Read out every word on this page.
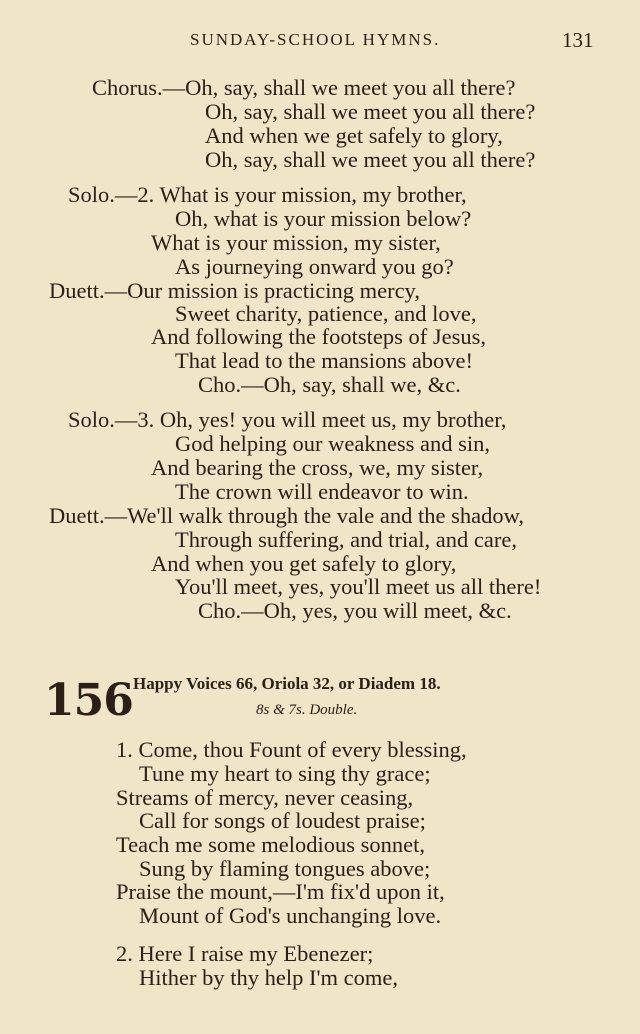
SUNDAY-SCHOOL HYMNS.	131
Chorus.—Oh, say, shall we meet you all there?
Oh, say, shall we meet you all there?
And when we get safely to glory,
Oh, say, shall we meet you all there?
Solo.—2. What is your mission, my brother,
Oh, what is your mission below?
What is your mission, my sister,
As journeying onward you go?
Duett.—Our mission is practicing mercy,
Sweet charity, patience, and love,
And following the footsteps of Jesus,
That lead to the mansions above!
Cho.—Oh, say, shall we, &c.
Solo.—3. Oh, yes! you will meet us, my brother,
God helping our weakness and sin,
And bearing the cross, we, my sister,
The crown will endeavor to win.
Duett.—We'll walk through the vale and the shadow,
Through suffering, and trial, and care,
And when you get safely to glory,
You'll meet, yes, you'll meet us all there!
Cho.—Oh, yes, you will meet, &c.
156 Happy Voices 66, Oriola 32, or Diadem 18.
8s & 7s. Double.
1. Come, thou Fount of every blessing,
Tune my heart to sing thy grace;
Streams of mercy, never ceasing,
Call for songs of loudest praise;
Teach me some melodious sonnet,
Sung by flaming tongues above;
Praise the mount,—I'm fix'd upon it,
Mount of God's unchanging love.
2. Here I raise my Ebenezer;
Hither by thy help I'm come,
